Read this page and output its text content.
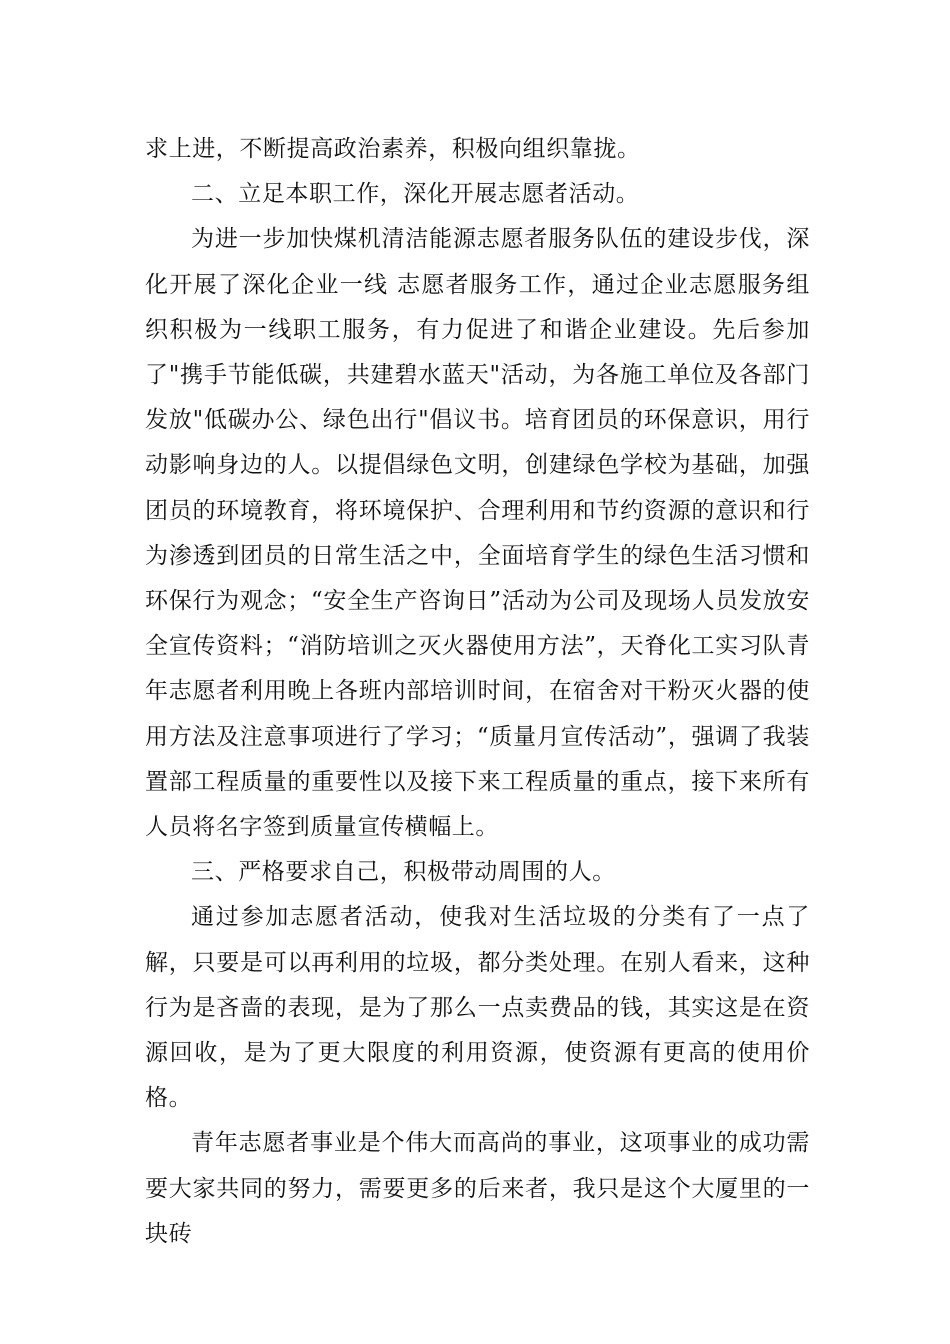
求上进，不断提高政治素养，积极向组织靠拢。

二、立足本职工作，深化开展志愿者活动。

为进一步加快煤机清洁能源志愿者服务队伍的建设步伐，深化开展了深化企业一线 志愿者服务工作，通过企业志愿服务组织积极为一线职工服务，有力促进了和谐企业建设。先后参加了"携手节能低碳，共建碧水蓝天"活动，为各施工单位及各部门发放"低碳办公、绿色出行"倡议书。培育团员的环保意识，用行动影响身边的人。以提倡绿色文明，创建绿色学校为基础，加强团员的环境教育，将环境保护、合理利用和节约资源的意识和行为渗透到团员的日常生活之中，全面培育学生的绿色生活习惯和环保行为观念；“安全生产咨询日”活动为公司及现场人员发放安全宣传资料；“消防培训之灭火器使用方法”，天脊化工实习队青年志愿者利用晚上各班内部培训时间，在宿舍对干粉灭火器的使用方法及注意事项进行了学习；“质量月宣传活动”，强调了我装置部工程质量的重要性以及接下来工程质量的重点，接下来所有人员将名字签到质量宣传横幅上。

三、严格要求自己，积极带动周围的人。

通过参加志愿者活动，使我对生活垃圾的分类有了一点了解，只要是可以再利用的垃圾，都分类处理。在别人看来，这种行为是吝啬的表现，是为了那么一点卖费品的钱，其实这是在资源回收，是为了更大限度的利用资源，使资源有更高的使用价格。

青年志愿者事业是个伟大而高尚的事业，这项事业的成功需要大家共同的努力，需要更多的后来者，我只是这个大厦里的一块砖
